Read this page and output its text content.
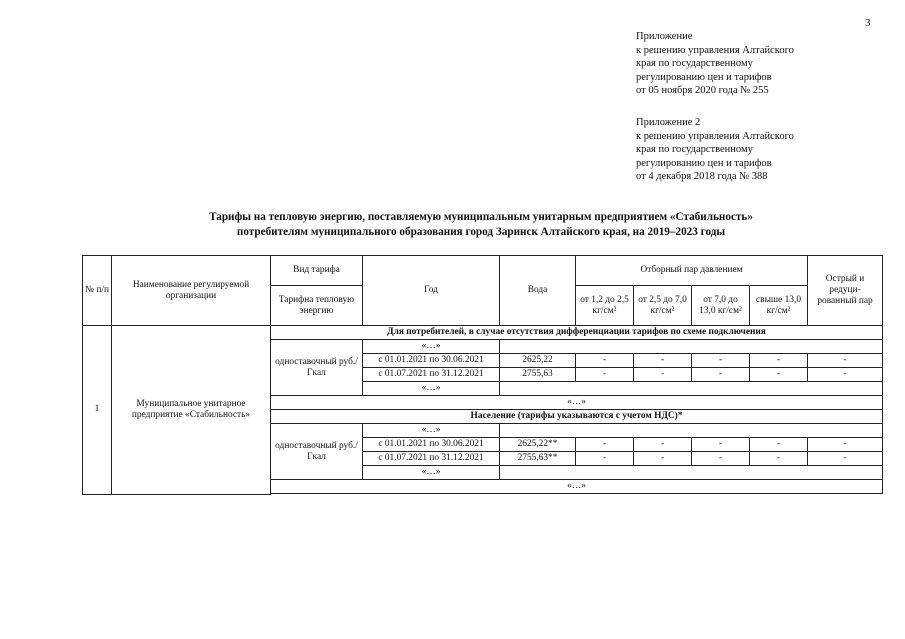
3
Приложение
к решению управления Алтайского
края по государственному
регулированию цен и тарифов
от 05 ноября 2020 года № 255
Приложение 2
к решению управления Алтайского
края по государственному
регулированию цен и тарифов
от 4 декабря 2018 года № 388
Тарифы на тепловую энергию, поставляемую муниципальным унитарным предприятием «Стабильность»
потребителям муниципального образования город Заринск Алтайского края, на 2019–2023 годы
№ п/п	Наименование регулируемой организации	Вид тарифа	Год	Вода	Отборный пар давлением				Острый и редуци-рованный пар
		Тарифна тепловую энергию			от 1,2 до 2,5 кг/см²	от 2,5 до 7,0 кг/см²	от 7,0 до 13,0 кг/см²	свыше 13,0 кг/см²	
1	Муниципальное унитарное предприятие «Стабильность»	Для потребителей, в случае отсутствия дифференциации тарифов по схеме подключения							
		одноставочный руб./Гкал	«…»						
			с 01.01.2021 по 30.06.2021	2625,22	-	-	-	-	-
			с 01.07.2021 по 31.12.2021	2755,63	-	-	-	-	-
			«…»						
		«…»							
		Население (тарифы указываются с учетом НДС)*							
		одноставочный руб./Гкал	«…»						
			с 01.01.2021 по 30.06.2021	2625,22**	-	-	-	-	-
			с 01.07.2021 по 31.12.2021	2755,63**	-	-	-	-	-
			«…»						
		«…»							
